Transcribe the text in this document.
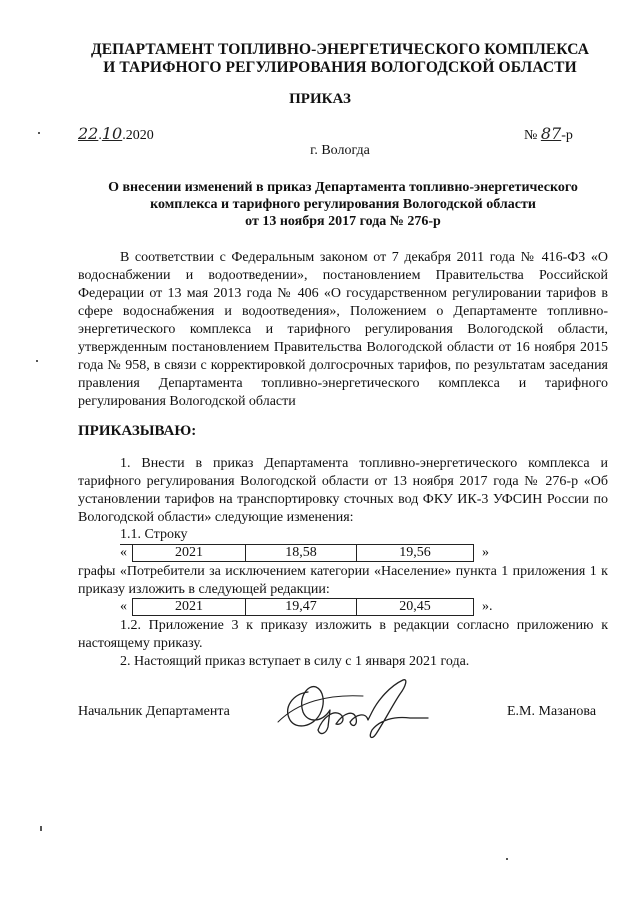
ДЕПАРТАМЕНТ ТОПЛИВНО-ЭНЕРГЕТИЧЕСКОГО КОМПЛЕКСА
И ТАРИФНОГО РЕГУЛИРОВАНИЯ ВОЛОГОДСКОЙ ОБЛАСТИ
ПРИКАЗ
22.10.2020	№ 87-р
г. Вологда
О внесении изменений в приказ Департамента топливно-энергетического
комплекса и тарифного регулирования Вологодской области
от 13 ноября 2017 года № 276-р
В соответствии с Федеральным законом от 7 декабря 2011 года № 416-ФЗ «О водоснабжении и водоотведении», постановлением Правительства Российской Федерации от 13 мая 2013 года № 406 «О государственном регулировании тарифов в сфере водоснабжения и водоотведения», Положением о Департаменте топливно-энергетического комплекса и тарифного регулирования Вологодской области, утвержденным постановлением Правительства Вологодской области от 16 ноября 2015 года № 958, в связи с корректировкой долгосрочных тарифов, по результатам заседания правления Департамента топливно-энергетического комплекса и тарифного регулирования Вологодской области
ПРИКАЗЫВАЮ:
1. Внести в приказ Департамента топливно-энергетического комплекса и тарифного регулирования Вологодской области от 13 ноября 2017 года № 276-р «Об установлении тарифов на транспортировку сточных вод ФКУ ИК-3 УФСИН России по Вологодской области» следующие изменения:
1.1. Строку
«	2021	18,58	19,56	»
графы «Потребители за исключением категории «Население» пункта 1 приложения 1 к приказу изложить в следующей редакции:
«	2021	19,47	20,45	».
1.2. Приложение 3 к приказу изложить в редакции согласно приложению к настоящему приказу.
2. Настоящий приказ вступает в силу с 1 января 2021 года.
Начальник Департамента	Е.М. Мазанова
